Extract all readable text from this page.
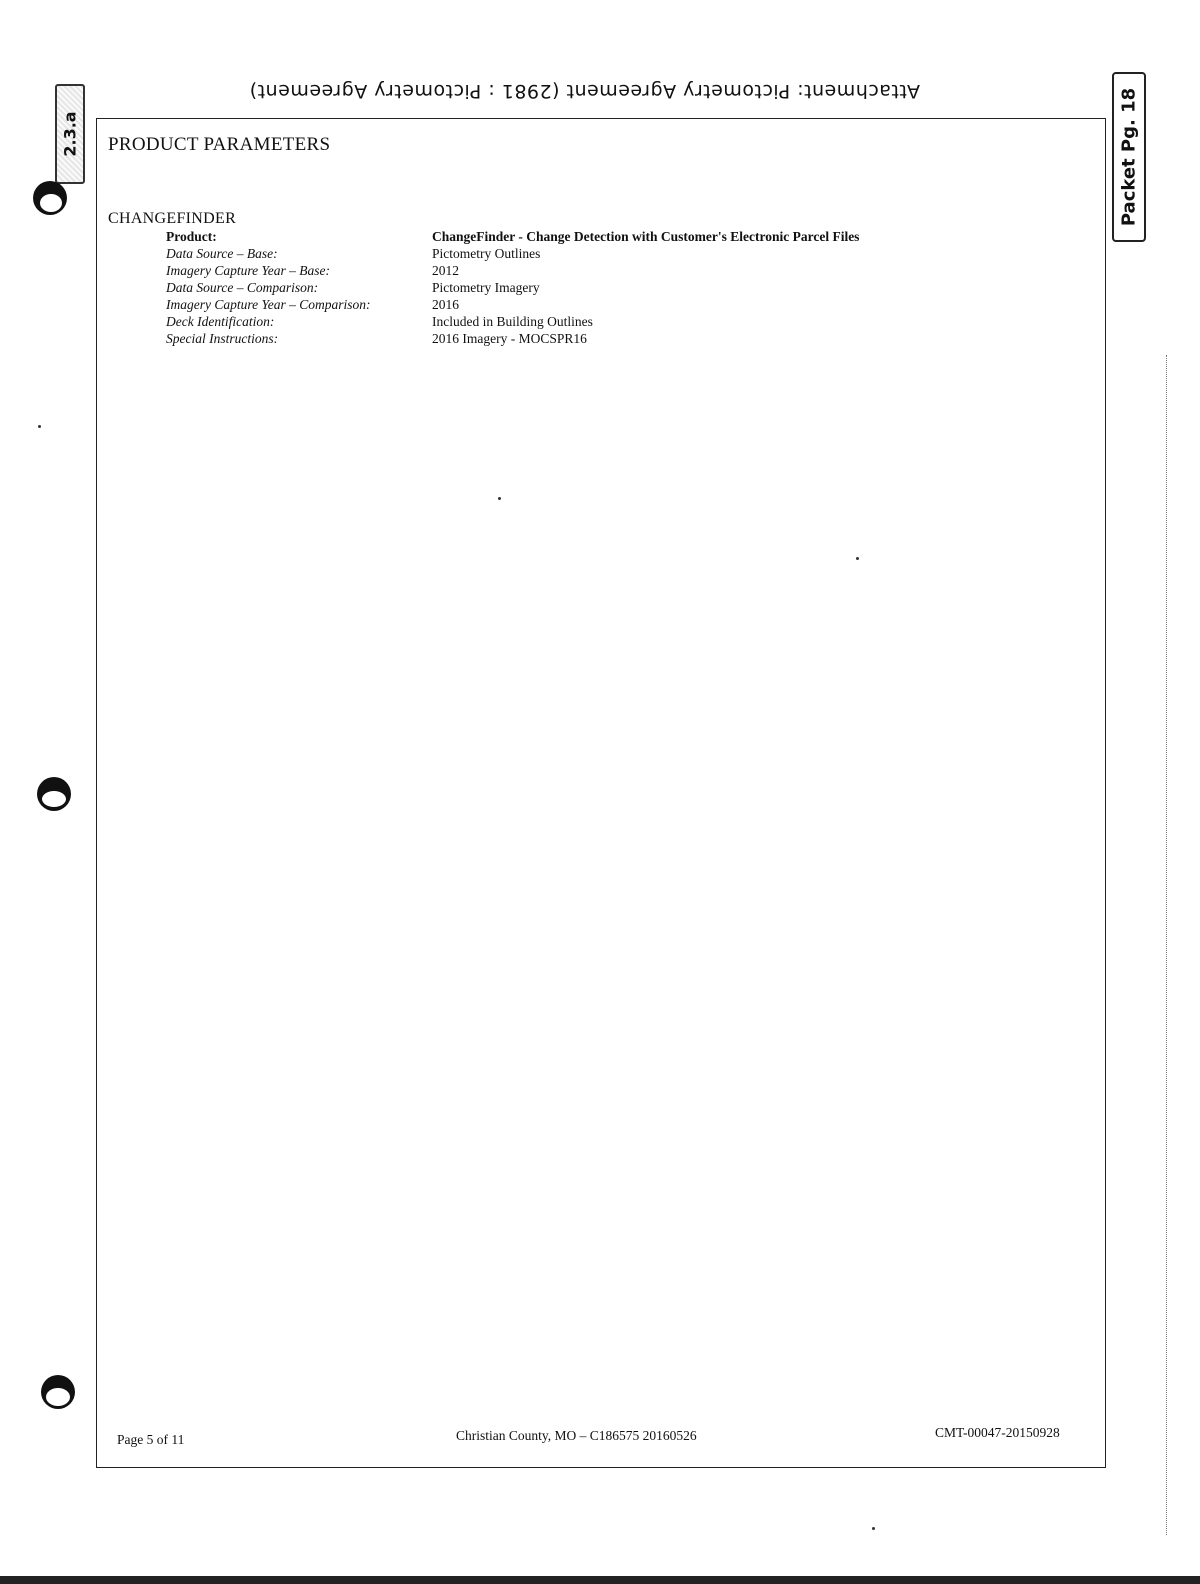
Attachment: Pictometry Agreement (2981 : Pictometry Agreement)
2.3.a	Packet Pg. 18
PRODUCT PARAMETERS
CHANGEFINDER
Product:	ChangeFinder - Change Detection with Customer's Electronic Parcel Files
Data Source – Base:	Pictometry Outlines
Imagery Capture Year – Base:	2012
Data Source – Comparison:	Pictometry Imagery
Imagery Capture Year – Comparison:	2016
Deck Identification:	Included in Building Outlines
Special Instructions:	2016 Imagery - MOCSPR16
Page 5 of 11	Christian County, MO – C186575 20160526	CMT-00047-20150928
